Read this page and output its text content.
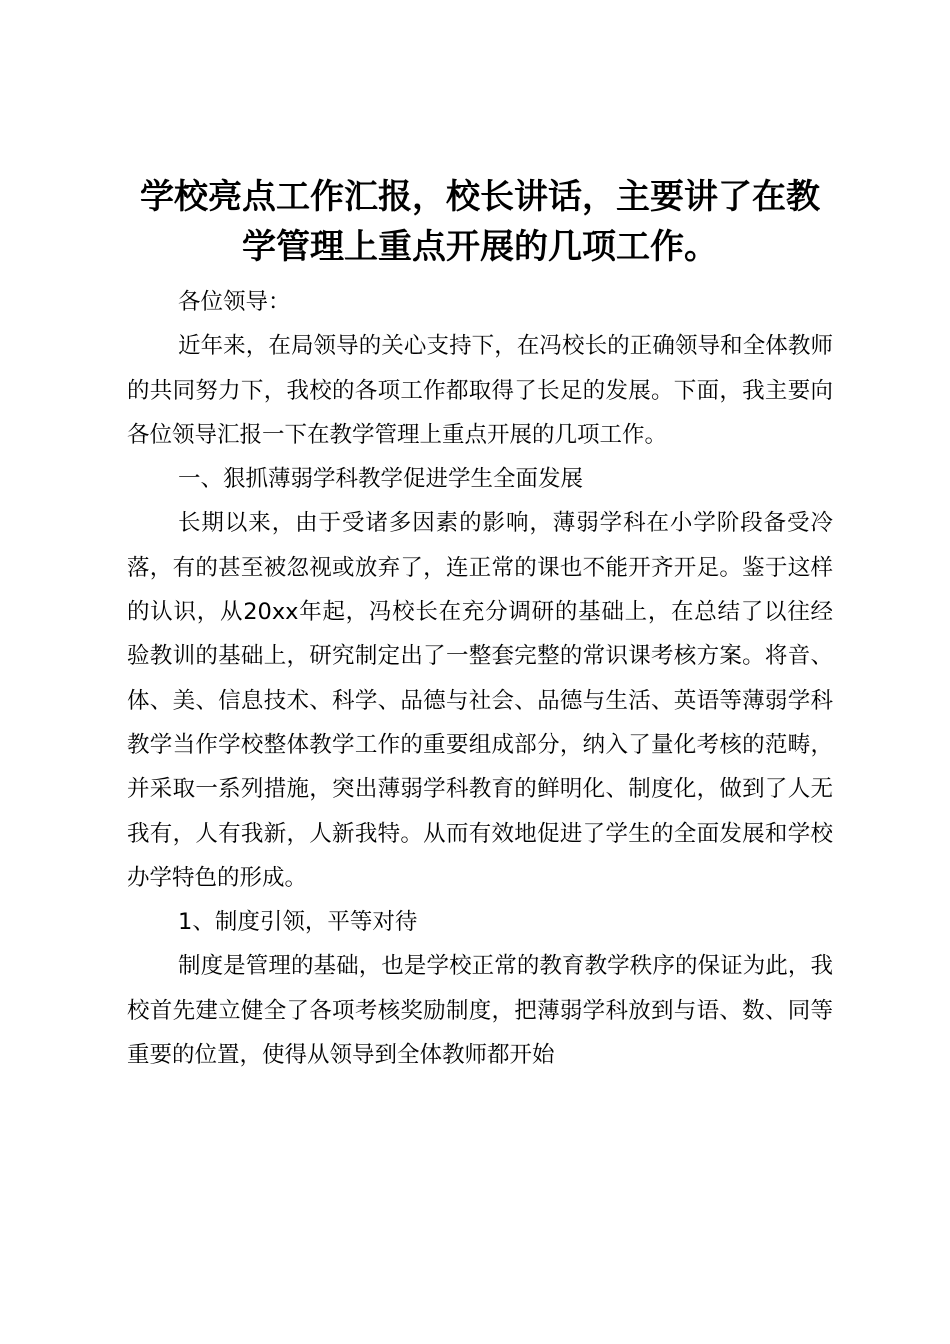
学校亮点工作汇报，校长讲话，主要讲了在教学管理上重点开展的几项工作。

各位领导：

近年来，在局领导的关心支持下，在冯校长的正确领导和全体教师的共同努力下，我校的各项工作都取得了长足的发展。下面，我主要向各位领导汇报一下在教学管理上重点开展的几项工作。

一、狠抓薄弱学科教学促进学生全面发展

长期以来，由于受诸多因素的影响，薄弱学科在小学阶段备受冷落，有的甚至被忽视或放弃了，连正常的课也不能开齐开足。鉴于这样的认识，从20xx年起，冯校长在充分调研的基础上，在总结了以往经验教训的基础上，研究制定出了一整套完整的常识课考核方案。将音、体、美、信息技术、科学、品德与社会、品德与生活、英语等薄弱学科教学当作学校整体教学工作的重要组成部分，纳入了量化考核的范畴，并采取一系列措施，突出薄弱学科教育的鲜明化、制度化，做到了人无我有，人有我新，人新我特。从而有效地促进了学生的全面发展和学校办学特色的形成。

1、制度引领，平等对待

制度是管理的基础，也是学校正常的教育教学秩序的保证为此，我校首先建立健全了各项考核奖励制度，把薄弱学科放到与语、数、同等重要的位置，使得从领导到全体教师都开始
